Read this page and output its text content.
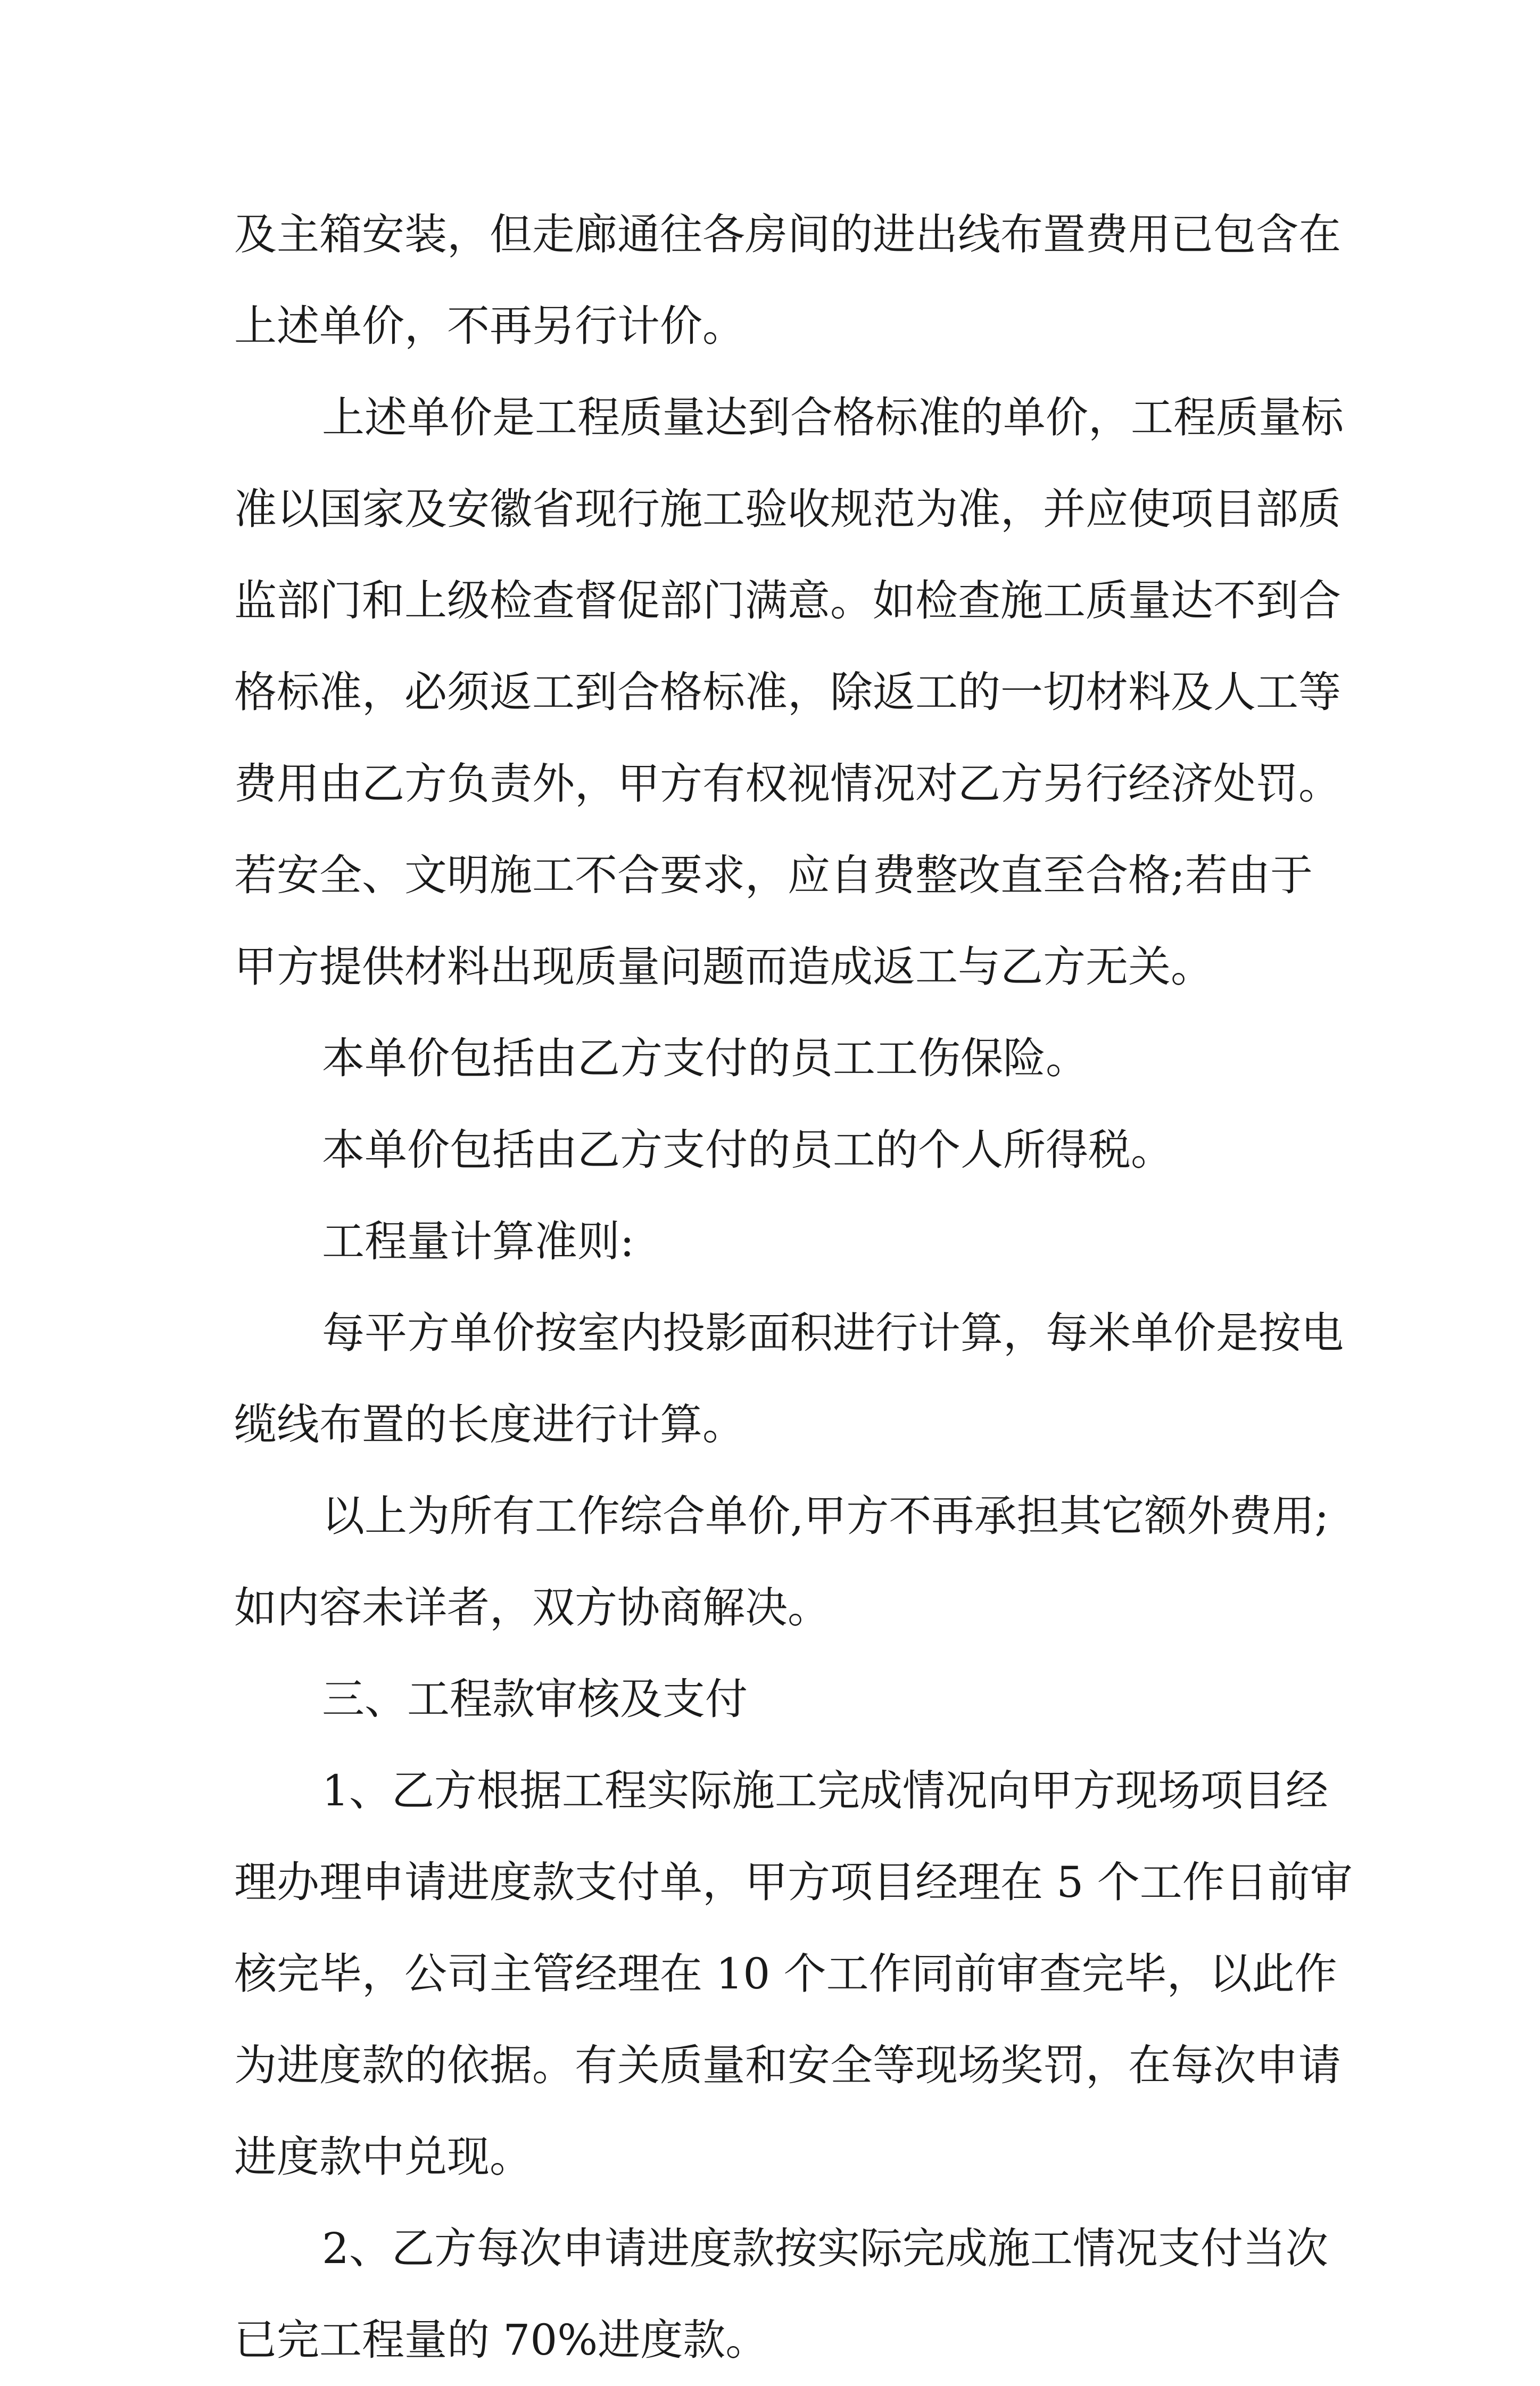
及主箱安装，但走廊通往各房间的进出线布置费用已包含在
上述单价，不再另行计价。
上述单价是工程质量达到合格标准的单价，工程质量标
准以国家及安徽省现行施工验收规范为准，并应使项目部质
监部门和上级检查督促部门满意。如检查施工质量达不到合
格标准，必须返工到合格标准，除返工的一切材料及人工等
费用由乙方负责外，甲方有权视情况对乙方另行经济处罚。
若安全、文明施工不合要求，应自费整改直至合格;若由于
甲方提供材料出现质量问题而造成返工与乙方无关。
本单价包括由乙方支付的员工工伤保险。
本单价包括由乙方支付的员工的个人所得税。
工程量计算准则:
每平方单价按室内投影面积进行计算，每米单价是按电
缆线布置的长度进行计算。
以上为所有工作综合单价,甲方不再承担其它额外费用;
如内容未详者，双方协商解决。
三、工程款审核及支付
1、乙方根据工程实际施工完成情况向甲方现场项目经
理办理申请进度款支付单，甲方项目经理在 5 个工作日前审
核完毕，公司主管经理在 10 个工作同前审查完毕，以此作
为进度款的依据。有关质量和安全等现场奖罚，在每次申请
进度款中兑现。
2、乙方每次申请进度款按实际完成施工情况支付当次
已完工程量的 70%进度款。
